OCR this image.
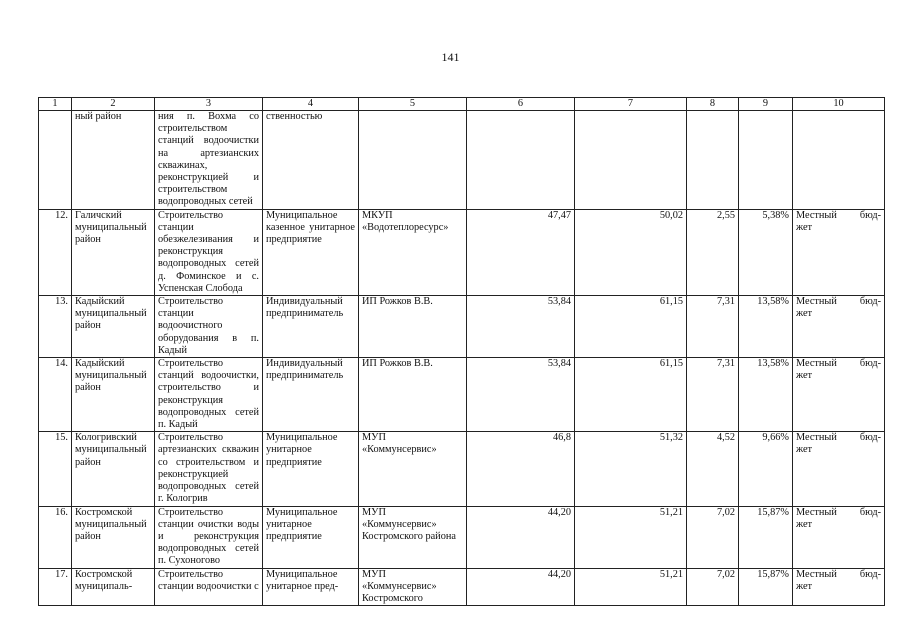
141
1	2	3	4	5	6	7	8	9	10
	ный район	ния п. Вохма со строительством станций водоочистки на артезианских скважинах, реконструкцией и строительством водопроводных сетей	ственностью						

12.	Галичский муниципальный район	Строительство станции обезжелезивания и реконструкция водопроводных сетей д. Фоминское и с. Успенская Слобода	Муниципальное казенное унитарное предприятие	МКУП «Водотеплоресурс»	47,47	50,02	2,55	5,38%	Местный бюд-
жет

13.	Кадыйский муниципальный район	Строительство станции водоочистного оборудования в п. Кадый	Индивидуальный предприниматель	ИП Рожков В.В.	53,84	61,15	7,31	13,58%	Местный бюд-
жет

14.	Кадыйский муниципальный район	Строительство станций водоочистки, строительство и реконструкция водопроводных сетей п. Кадый	Индивидуальный предприниматель	ИП Рожков В.В.	53,84	61,15	7,31	13,58%	Местный бюд-
жет

15.	Кологривский муниципальный район	Строительство артезианских скважин со строительством и реконструкцией водопроводных сетей г. Кологрив	Муниципальное унитарное предприятие	МУП «Коммунсервис»	46,8	51,32	4,52	9,66%	Местный бюд-
жет

16.	Костромской муниципальный район	Строительство станции очистки воды и реконструкция водопроводных сетей п. Сухоногово	Муниципальное унитарное предприятие	МУП «Коммунсервис» Костромского района	44,20	51,21	7,02	15,87%	Местный бюд-
жет

17.	Костромской муниципаль-	Строительство станции водоочистки с	Муниципальное унитарное пред-	МУП «Коммунсервис» Костромского	44,20	51,21	7,02	15,87%	Местный бюд-
жет
